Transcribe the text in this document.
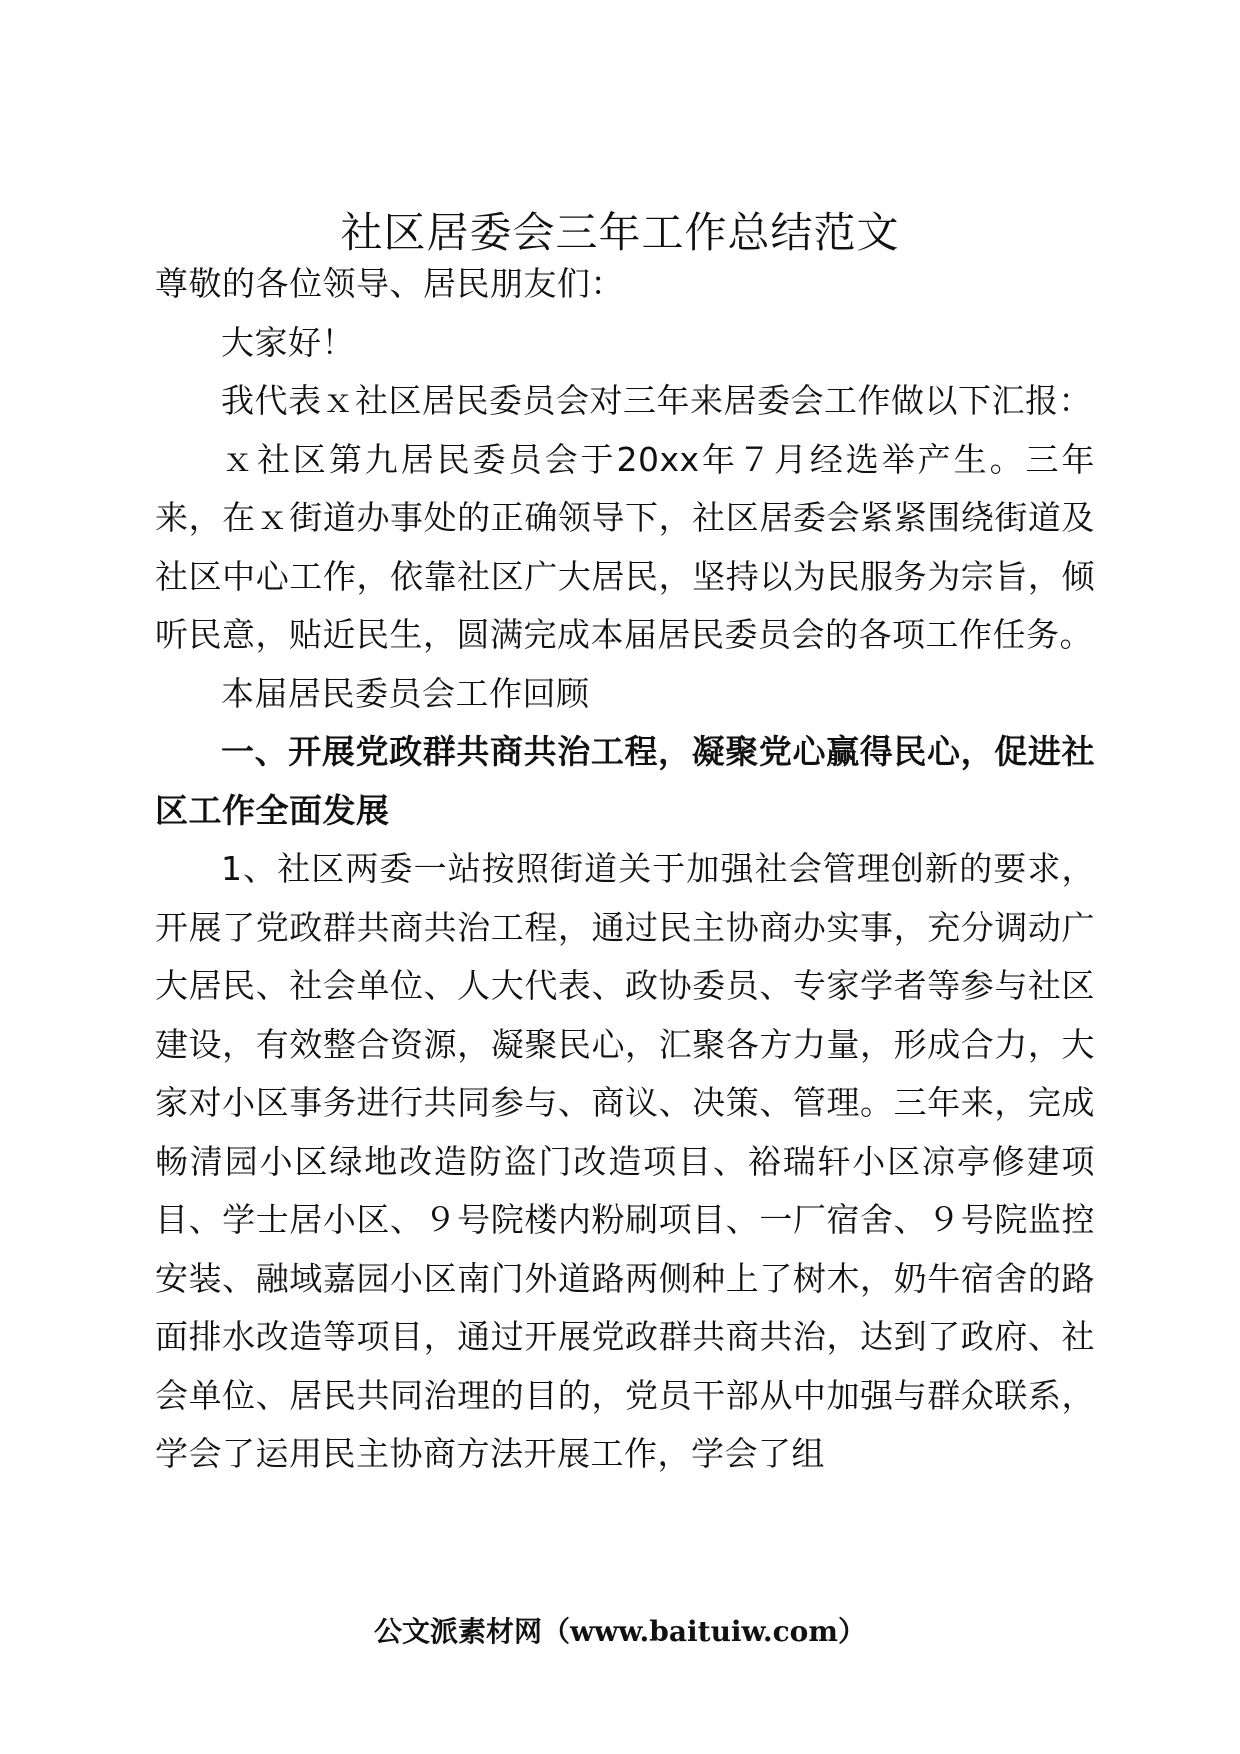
社区居委会三年工作总结范文

尊敬的各位领导、居民朋友们：

大家好！

我代表ｘ社区居民委员会对三年来居委会工作做以下汇报：

ｘ社区第九居民委员会于20xx年７月经选举产生。三年来，在ｘ街道办事处的正确领导下，社区居委会紧紧围绕街道及社区中心工作，依靠社区广大居民，坚持以为民服务为宗旨，倾听民意，贴近民生，圆满完成本届居民委员会的各项工作任务。

本届居民委员会工作回顾

一、开展党政群共商共治工程，凝聚党心赢得民心，促进社区工作全面发展

1、社区两委一站按照街道关于加强社会管理创新的要求，开展了党政群共商共治工程，通过民主协商办实事，充分调动广大居民、社会单位、人大代表、政协委员、专家学者等参与社区建设，有效整合资源，凝聚民心，汇聚各方力量，形成合力，大家对小区事务进行共同参与、商议、决策、管理。三年来，完成畅清园小区绿地改造防盗门改造项目、裕瑞轩小区凉亭修建项目、学士居小区、９号院楼内粉刷项目、一厂宿舍、９号院监控安装、融域嘉园小区南门外道路两侧种上了树木，奶牛宿舍的路面排水改造等项目，通过开展党政群共商共治，达到了政府、社会单位、居民共同治理的目的，党员干部从中加强与群众联系，学会了运用民主协商方法开展工作，学会了组

公文派素材网（www.baituiw.com）
